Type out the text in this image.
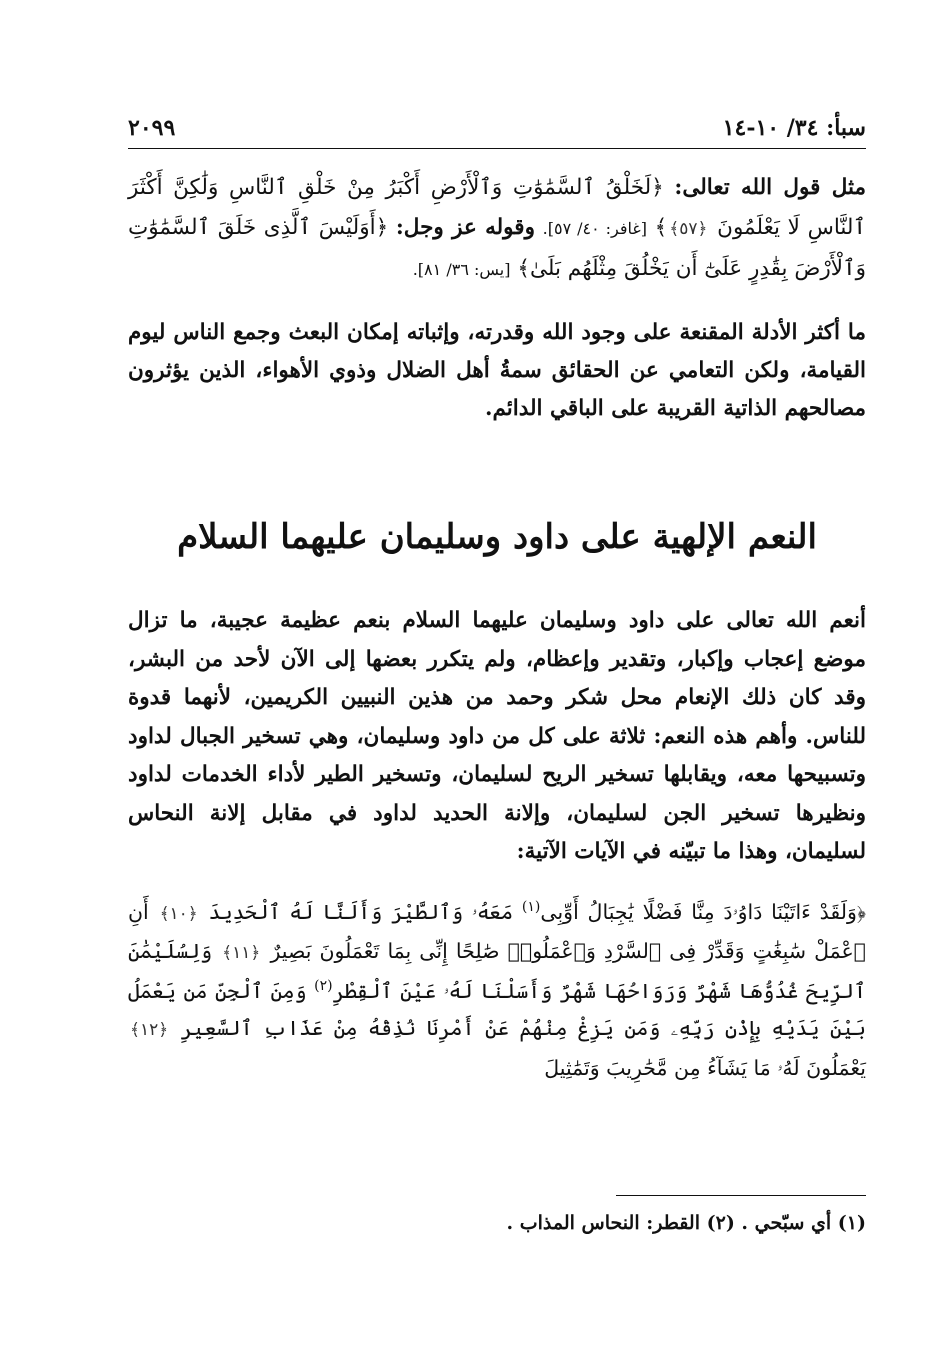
سبأ: ٣٤/ ١٠-١٤
٢٠٩٩

مثل قول الله تعالى: ﴿لَخَلْقُ ٱلسَّمَٰوَٰتِ وَٱلْأَرْضِ أَكْبَرُ مِنْ خَلْقِ ٱلنَّاسِ وَلَٰكِنَّ أَكْثَرَ ٱلنَّاسِ لَا يَعْلَمُونَ ﴿٥٧﴾﴾ [غافر: ٤٠/ ٥٧]. وقوله عز وجل: ﴿أَوَلَيْسَ ٱلَّذِى خَلَقَ ٱلسَّمَٰوَٰتِ وَٱلْأَرْضَ بِقَٰدِرٍ عَلَىٰٓ أَن يَخْلُقَ مِثْلَهُم بَلَىٰ﴾ [يس: ٣٦/ ٨١].

ما أكثر الأدلة المقنعة على وجود الله وقدرته، وإثباته إمكان البعث وجمع الناس ليوم القيامة، ولكن التعامي عن الحقائق سمةُ أهل الضلال وذوي الأهواء، الذين يؤثرون مصالحهم الذاتية القريبة على الباقي الدائم.

النعم الإلهية على داود وسليمان عليهما السلام

أنعم الله تعالى على داود وسليمان عليهما السلام بنعم عظيمة عجيبة، ما تزال موضع إعجاب وإكبار، وتقدير وإعظام، ولم يتكرر بعضها إلى الآن لأحد من البشر، وقد كان ذلك الإنعام محل شكر وحمد من هذين النبيين الكريمين، لأنهما قدوة للناس. وأهم هذه النعم: ثلاثة على كل من داود وسليمان، وهي تسخير الجبال لداود وتسبيحها معه، ويقابلها تسخير الريح لسليمان، وتسخير الطير لأداء الخدمات لداود ونظيرها تسخير الجن لسليمان، وإلانة الحديد لداود في مقابل إلانة النحاس لسليمان، وهذا ما تبيّنه في الآيات الآتية:

﴿وَلَقَدْ ءَاتَيْنَا دَاوُۥدَ مِنَّا فَضْلًا يَٰجِبَالُ أَوِّبِى$^{(١)}$ مَعَهُۥ وَٱلطَّيْرَ وَأَلَنَّا لَهُ ٱلْحَدِيدَ ﴿١٠﴾ أَنِ ٱعْمَلْ سَٰبِغَٰتٍ وَقَدِّرْ فِى ٱلسَّرْدِ وَٱعْمَلُوا۟ صَٰلِحًا إِنِّى بِمَا تَعْمَلُونَ بَصِيرٌ ﴿١١﴾ وَلِسُلَيْمَٰنَ ٱلرِّيحَ غُدُوُّهَا شَهْرٌ وَرَوَاحُهَا شَهْرٌ وَأَسَلْنَا لَهُۥ عَيْنَ ٱلْقِطْرِ$^{(٢)}$ وَمِنَ ٱلْجِنِّ مَن يَعْمَلُ بَيْنَ يَدَيْهِ بِإِذْنِ رَبِّهِۦ وَمَن يَزِغْ مِنْهُمْ عَنْ أَمْرِنَا نُذِقْهُ مِنْ عَذَابِ ٱلسَّعِيرِ ﴿١٢﴾ يَعْمَلُونَ لَهُۥ مَا يَشَآءُ مِن مَّحَٰرِيبَ وَتَمَٰثِيلَ

(١) أي سبّحي . (٢) القطر: النحاس المذاب .
